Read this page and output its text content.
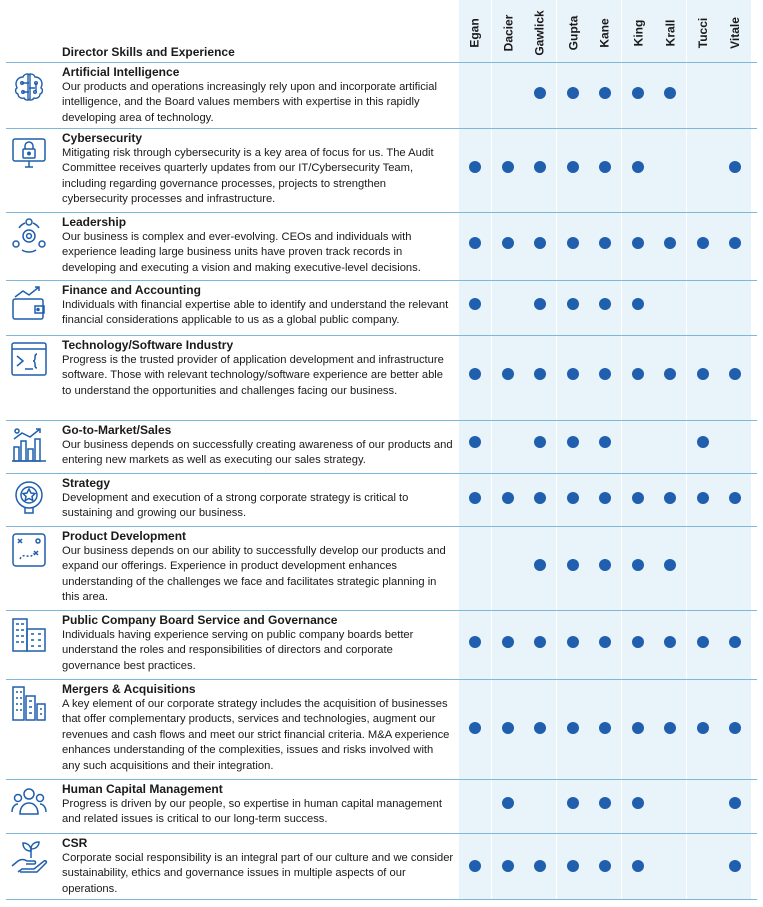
Director Skills and Experience
Egan Dacier Gawlick Gupta Kane King Krall Tucci Vitale
Artificial Intelligence
Our products and operations increasingly rely upon and incorporate artificial intelligence, and the Board values members with expertise in this rapidly developing area of technology.
Cybersecurity
Mitigating risk through cybersecurity is a key area of focus for us. The Audit Committee receives quarterly updates from our IT/Cybersecurity Team, including regarding governance processes, projects to strengthen cybersecurity processes and infrastructure.
Leadership
Our business is complex and ever-evolving. CEOs and individuals with experience leading large business units have proven track records in developing and executing a vision and making executive-level decisions.
Finance and Accounting
Individuals with financial expertise able to identify and understand the relevant financial considerations applicable to us as a global public company.
Technology/Software Industry
Progress is the trusted provider of application development and infrastructure software. Those with relevant technology/software experience are better able to understand the opportunities and challenges facing our business.
Go-to-Market/Sales
Our business depends on successfully creating awareness of our products and entering new markets as well as executing our sales strategy.
Strategy
Development and execution of a strong corporate strategy is critical to sustaining and growing our business.
Product Development
Our business depends on our ability to successfully develop our products and expand our offerings. Experience in product development enhances understanding of the challenges we face and facilitates strategic planning in this area.
Public Company Board Service and Governance
Individuals having experience serving on public company boards better understand the roles and responsibilities of directors and corporate governance best practices.
Mergers & Acquisitions
A key element of our corporate strategy includes the acquisition of businesses that offer complementary products, services and technologies, augment our revenues and cash flows and meet our strict financial criteria. M&A experience enhances understanding of the complexities, issues and risks involved with any such acquisitions and their integration.
Human Capital Management
Progress is driven by our people, so expertise in human capital management and related issues is critical to our long-term success.
CSR
Corporate social responsibility is an integral part of our culture and we consider sustainability, ethics and governance issues in multiple aspects of our operations.
